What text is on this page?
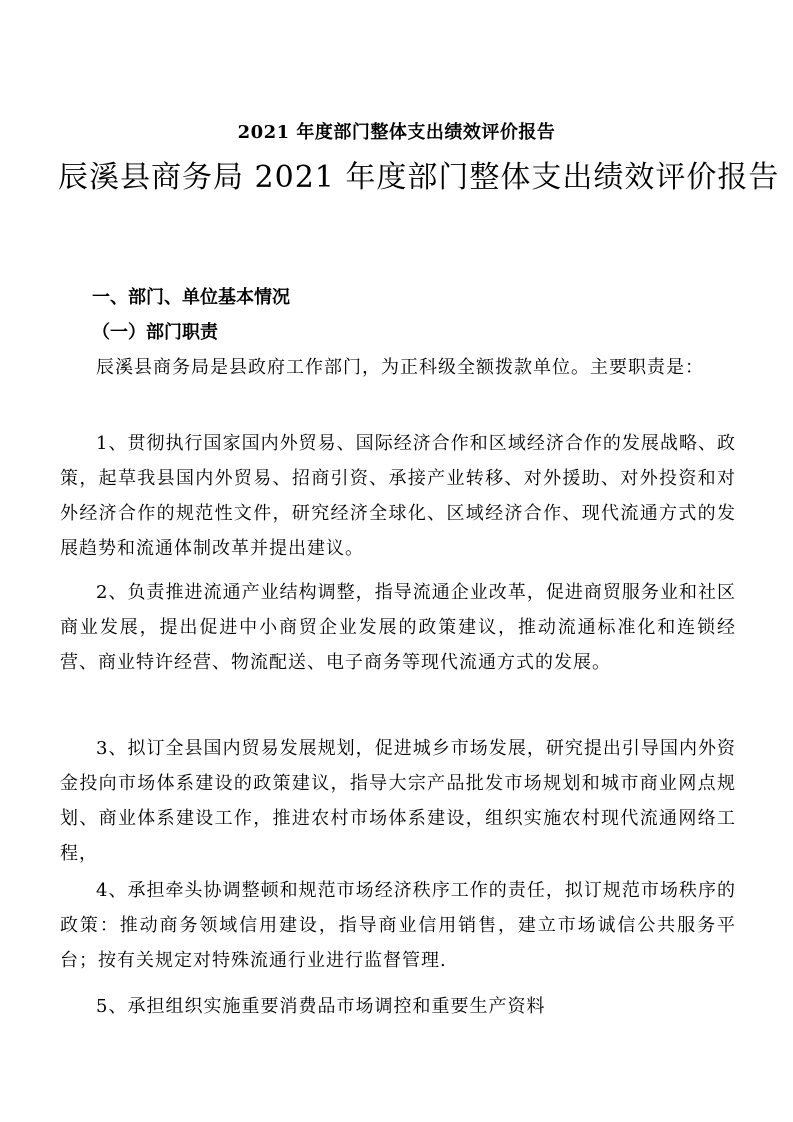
2021 年度部门整体支出绩效评价报告
辰溪县商务局 2021 年度部门整体支出绩效评价报告
一、部门、单位基本情况
（一）部门职责

辰溪县商务局是县政府工作部门，为正科级全额拨款单位。主要职责是：

1、贯彻执行国家国内外贸易、国际经济合作和区域经济合作的发展战略、政策，起草我县国内外贸易、招商引资、承接产业转移、对外援助、对外投资和对外经济合作的规范性文件，研究经济全球化、区域经济合作、现代流通方式的发展趋势和流通体制改革并提出建议。

2、负责推进流通产业结构调整，指导流通企业改革，促进商贸服务业和社区商业发展，提出促进中小商贸企业发展的政策建议，推动流通标准化和连锁经营、商业特许经营、物流配送、电子商务等现代流通方式的发展。

3、拟订全县国内贸易发展规划，促进城乡市场发展，研究提出引导国内外资金投向市场体系建设的政策建议，指导大宗产品批发市场规划和城市商业网点规划、商业体系建设工作，推进农村市场体系建设，组织实施农村现代流通网络工程，

4、承担牵头协调整顿和规范市场经济秩序工作的责任，拟订规范市场秩序的政策：推动商务领域信用建设，指导商业信用销售，建立市场诚信公共服务平台；按有关规定对特殊流通行业进行监督管理.

5、承担组织实施重要消费品市场调控和重要生产资料
